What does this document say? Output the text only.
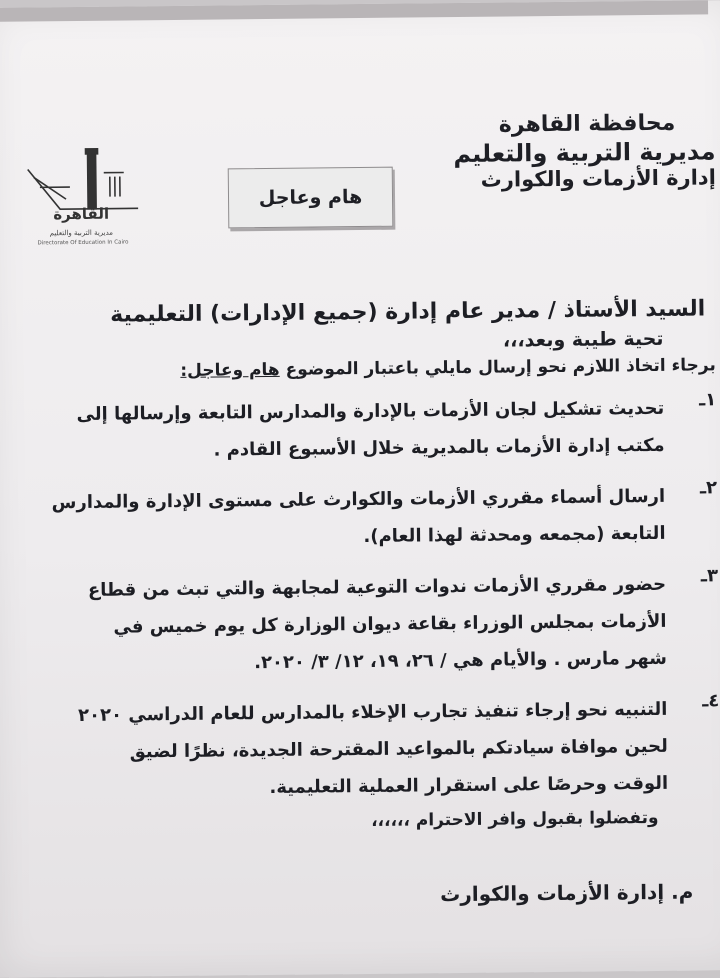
محافظة القاهرة
مديرية التربية والتعليم
إدارة الأزمات والكوارث
هام وعاجل
القاهرة
مديرية التربية والتعليم
Directorate Of Education In Cairo
السيد الأستاذ / مدير عام إدارة (جميع الإدارات) التعليمية
تحية طيبة وبعد،،،
برجاء اتخاذ اللازم نحو إرسال مايلي باعتبار الموضوع هام وعاجل:
١ـ

تحديث تشكيل لجان الأزمات بالإدارة والمدارس التابعة وإرسالها إلى

مكتب إدارة الأزمات بالمديرية خلال الأسبوع القادم .

٢ـ

ارسال أسماء مقرري الأزمات والكوارث على مستوى الإدارة والمدارس

التابعة (مجمعه ومحدثة لهذا العام).

٣ـ

حضور مقرري الأزمات ندوات التوعية لمجابهة والتي تبث من قطاع

الأزمات بمجلس الوزراء بقاعة ديوان الوزارة كل يوم خميس في

شهر مارس . والأيام هي / ٢٦، ١٩، ١٢/ ٣/ ٢٠٢٠.

٤ـ

التنبيه نحو إرجاء تنفيذ تجارب الإخلاء بالمدارس للعام الدراسي ٢٠٢٠

لحين موافاة سيادتكم بالمواعيد المقترحة الجديدة، نظرًا لضيق

الوقت وحرصًا على استقرار العملية التعليمية.

وتفضلوا بقبول وافر الاحترام ،،،،،،
م. إدارة الأزمات والكوارث
